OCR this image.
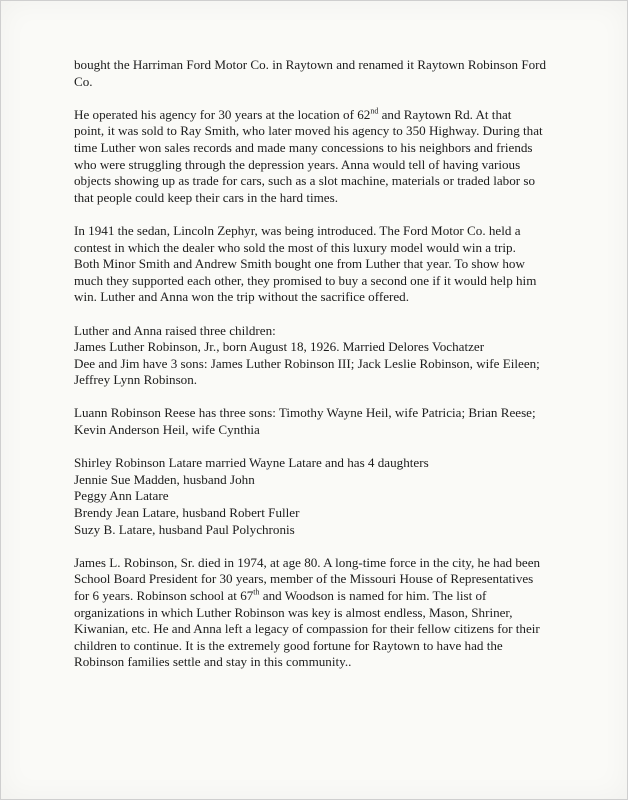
bought the Harriman Ford Motor Co. in Raytown and renamed it Raytown Robinson Ford
Co.
He operated his agency for 30 years at the location of 62nd and Raytown Rd. At that
point, it was sold to Ray Smith, who later moved his agency to 350 Highway. During that
time Luther won sales records and made many concessions to his neighbors and friends
who were struggling through the depression years. Anna would tell of having various
objects showing up as trade for cars, such as a slot machine, materials or traded labor so
that people could keep their cars in the hard times.
In 1941 the sedan, Lincoln Zephyr, was being introduced. The Ford Motor Co. held a
contest in which the dealer who sold the most of this luxury model would win a trip.
Both Minor Smith and Andrew Smith bought one from Luther that year. To show how
much they supported each other, they promised to buy a second one if it would help him
win. Luther and Anna won the trip without the sacrifice offered.
Luther and Anna raised three children:
James Luther Robinson, Jr., born August 18, 1926. Married Delores Vochatzer
Dee and Jim have 3 sons: James Luther Robinson III; Jack Leslie Robinson, wife Eileen;
Jeffrey Lynn Robinson.
Luann Robinson Reese has three sons: Timothy Wayne Heil, wife Patricia; Brian Reese;
Kevin Anderson Heil, wife Cynthia
Shirley Robinson Latare married Wayne Latare and has 4 daughters
Jennie Sue Madden, husband John
Peggy Ann Latare
Brendy Jean Latare, husband Robert Fuller
Suzy B. Latare, husband Paul Polychronis
James L. Robinson, Sr. died in 1974, at age 80. A long-time force in the city, he had been
School Board President for 30 years, member of the Missouri House of Representatives
for 6 years. Robinson school at 67th and Woodson is named for him. The list of
organizations in which Luther Robinson was key is almost endless, Mason, Shriner,
Kiwanian, etc. He and Anna left a legacy of compassion for their fellow citizens for their
children to continue. It is the extremely good fortune for Raytown to have had the
Robinson families settle and stay in this community..
